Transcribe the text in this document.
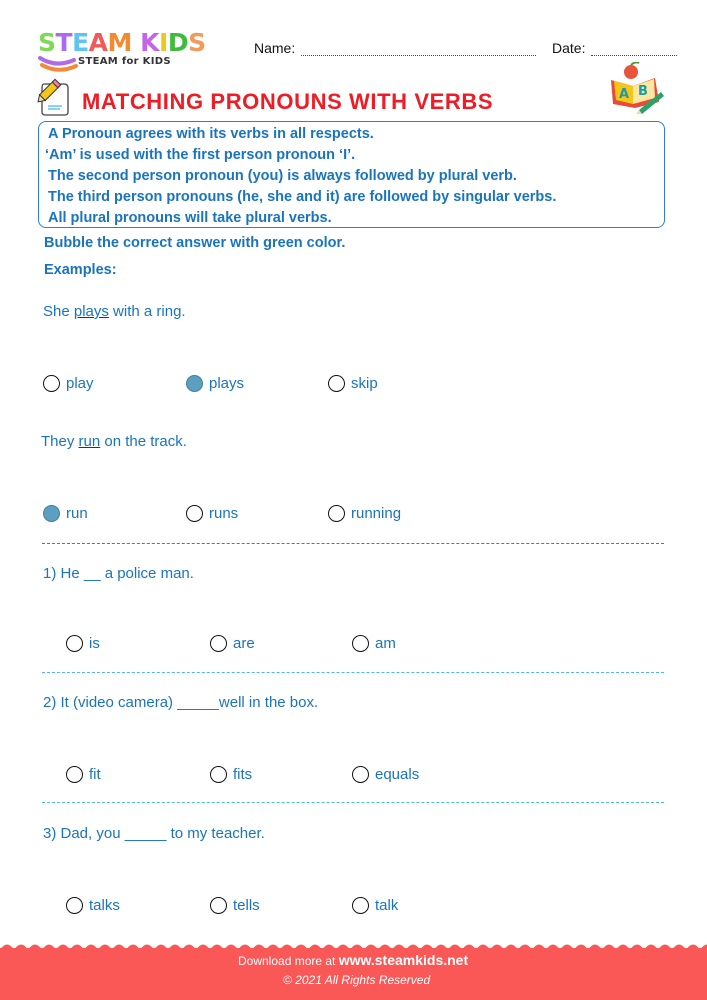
S T E A M
K I D S
STEAM for KIDS
Name:	Date:
MATCHING PRONOUNS WITH VERBS	A B

A Pronoun agrees with its verbs in all respects.

‘Am’ is used with the first person pronoun ‘I’.

The second person pronoun (you) is always followed by plural verb.

The third person pronouns (he, she and it) are followed by singular verbs.

All plural pronouns will take plural verbs.

Bubble the correct answer with green color.
Examples:
She plays with a ring.
play	plays	skip
They run on the track.
run	runs	running
1) He __ a police man.
is	are	am
2) It (video camera) _____well in the box.
fit	fits	equals
3) Dad, you _____ to my teacher.
talks	tells	talk
Download more at www.steamkids.net
© 2021 All Rights Reserved
